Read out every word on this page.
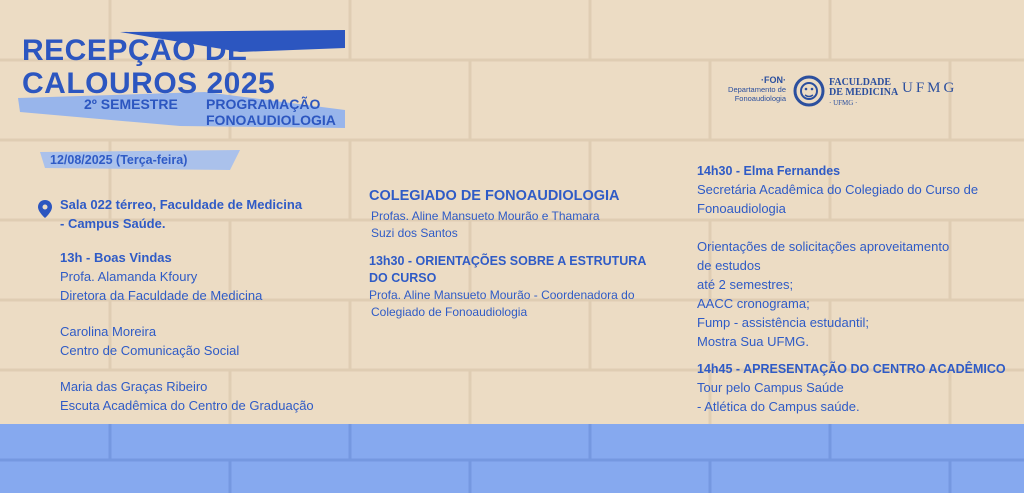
RECEPÇÃO DE
CALOUROS 2025
2º SEMESTRE PROGRAMAÇÃO
FONOAUDIOLOGIA
·FON·
Departamento de
Fonoaudiologia
FACULDADE
DE MEDICINA
· UFMG ·
UFMG
12/08/2025 (Terça-feira)
Sala 022 térreo, Faculdade de Medicina
- Campus Saúde.
13h - Boas Vindas
Profa. Alamanda Kfoury
Diretora da Faculdade de Medicina
Carolina Moreira
Centro de Comunicação Social
Maria das Graças Ribeiro
Escuta Acadêmica do Centro de Graduação
COLEGIADO DE FONOAUDIOLOGIA
Profas. Aline Mansueto Mourão e Thamara
Suzi dos Santos
13h30 - ORIENTAÇÕES SOBRE A ESTRUTURA
DO CURSO
Profa. Aline Mansueto Mourão - Coordenadora do
Colegiado de Fonoaudiologia
14h30 - Elma Fernandes
Secretária Acadêmica do Colegiado do Curso de
Fonoaudiologia
Orientações de solicitações aproveitamento
de estudos
até 2 semestres;
AACC cronograma;
Fump - assistência estudantil;
Mostra Sua UFMG.
14h45 - APRESENTAÇÃO DO CENTRO ACADÊMICO
Tour pelo Campus Saúde
- Atlética do Campus saúde.
